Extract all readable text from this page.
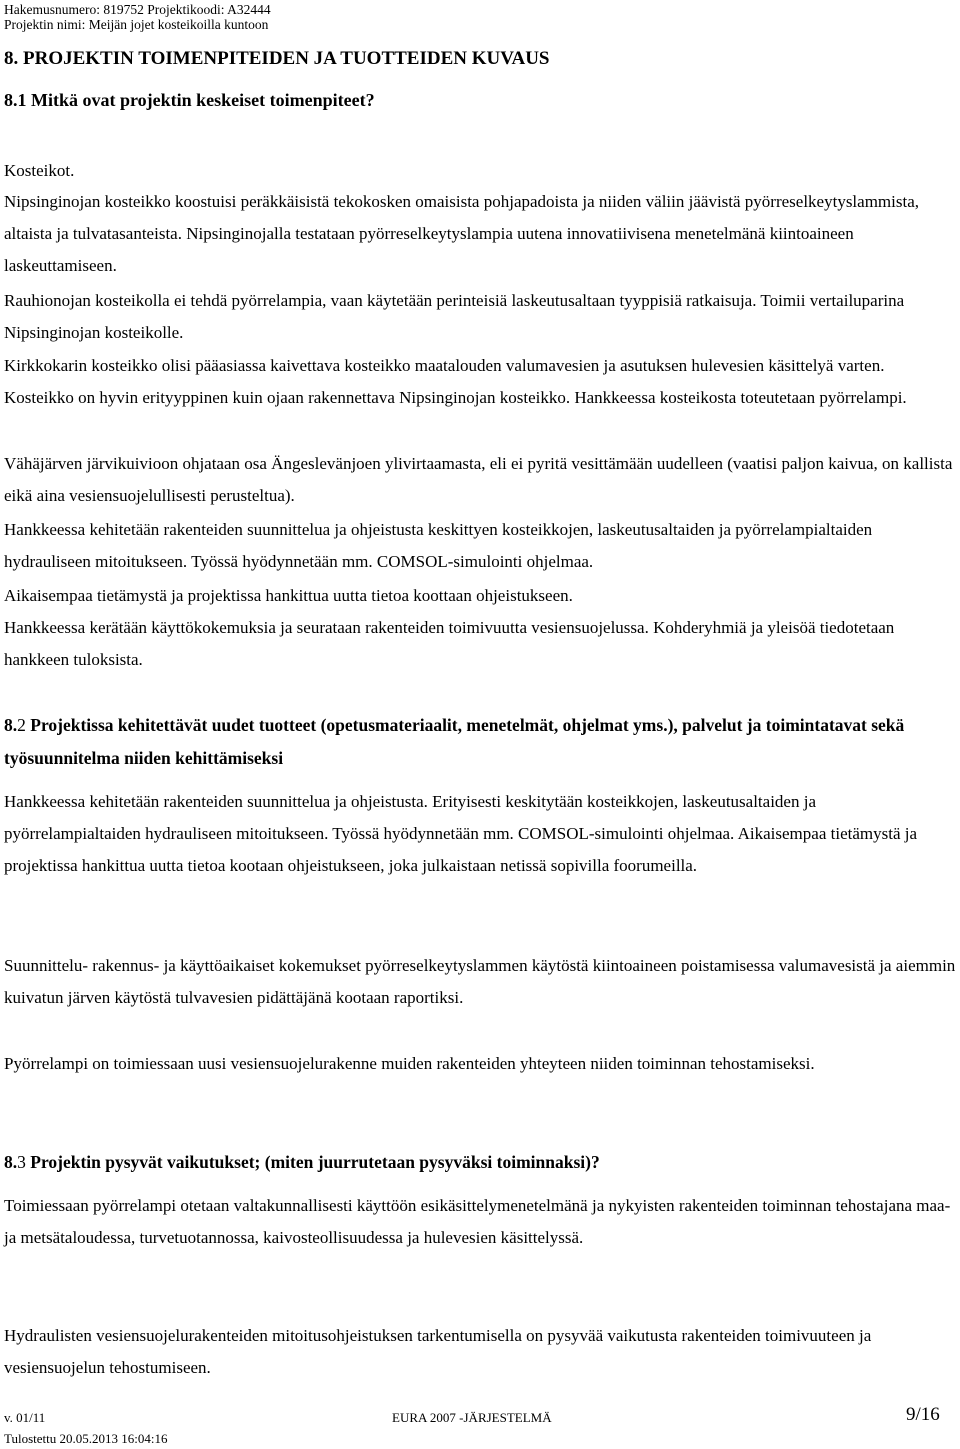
Hakemusnumero: 819752 Projektikoodi: A32444
Projektin nimi: Meijän jojet kosteikoilla kuntoon
8. PROJEKTIN TOIMENPITEIDEN JA TUOTTEIDEN KUVAUS
8.1 Mitkä ovat projektin keskeiset toimenpiteet?

Kosteikot.

Nipsinginojan kosteikko koostuisi peräkkäisistä tekokosken omaisista pohjapadoista ja niiden väliin jäävistä pyörreselkeytyslammista, altaista ja tulvatasanteista. Nipsinginojalla testataan pyörreselkeytyslampia uutena innovatiivisena menetelmänä kiintoaineen laskeuttamiseen.

Rauhionojan kosteikolla ei tehdä pyörrelampia, vaan käytetään perinteisiä laskeutusaltaan tyyppisiä ratkaisuja. Toimii vertailuparina Nipsinginojan kosteikolle.

Kirkkokarin kosteikko olisi pääasiassa kaivettava kosteikko maatalouden valumavesien ja asutuksen hulevesien käsittelyä varten. Kosteikko on hyvin erityyppinen kuin ojaan rakennettava Nipsinginojan kosteikko. Hankkeessa kosteikosta toteutetaan pyörrelampi.

Vähäjärven järvikuivioon ohjataan osa Ängeslevänjoen ylivirtaamasta, eli ei pyritä vesittämään uudelleen (vaatisi paljon kaivua, on kallista eikä aina vesiensuojelullisesti perusteltua).

Hankkeessa kehitetään rakenteiden suunnittelua ja ohjeistusta keskittyen kosteikkojen, laskeutusaltaiden ja pyörrelampialtaiden hydrauliseen mitoitukseen. Työssä hyödynnetään mm. COMSOL-simulointi ohjelmaa.

Aikaisempaa tietämystä ja projektissa hankittua uutta tietoa koottaan ohjeistukseen.

Hankkeessa kerätään käyttökokemuksia ja seurataan rakenteiden toimivuutta vesiensuojelussa. Kohderyhmiä ja yleisöä tiedotetaan hankkeen tuloksista.

8.2 Projektissa kehitettävät uudet tuotteet (opetusmateriaalit, menetelmät, ohjelmat yms.), palvelut ja toimintatavat sekä työsuunnitelma niiden kehittämiseksi

Hankkeessa kehitetään rakenteiden suunnittelua ja ohjeistusta. Erityisesti keskitytään kosteikkojen, laskeutusaltaiden ja pyörrelampialtaiden hydrauliseen mitoitukseen. Työssä hyödynnetään mm. COMSOL-simulointi ohjelmaa. Aikaisempaa tietämystä ja projektissa hankittua uutta tietoa kootaan ohjeistukseen, joka julkaistaan netissä sopivilla foorumeilla.

Suunnittelu- rakennus- ja käyttöaikaiset kokemukset pyörreselkeytyslammen käytöstä kiintoaineen poistamisessa valumavesistä ja aiemmin kuivatun järven käytöstä tulvavesien pidättäjänä kootaan raportiksi.

Pyörrelampi on toimiessaan uusi vesiensuojelurakenne muiden rakenteiden yhteyteen niiden toiminnan tehostamiseksi.

8.3 Projektin pysyvät vaikutukset; (miten juurrutetaan pysyväksi toiminnaksi)?

Toimiessaan pyörrelampi otetaan valtakunnallisesti käyttöön esikäsittelymenetelmänä ja nykyisten rakenteiden toiminnan tehostajana maa- ja metsätaloudessa, turvetuotannossa, kaivosteollisuudessa ja hulevesien käsittelyssä.

Hydraulisten vesiensuojelurakenteiden mitoitusohjeistuksen tarkentumisella on pysyvää vaikutusta rakenteiden toimivuuteen ja vesiensuojelun tehostumiseen.

v. 01/11	EURA 2007 -JÄRJESTELMÄ	9/16
Tulostettu 20.05.2013 16:04:16
